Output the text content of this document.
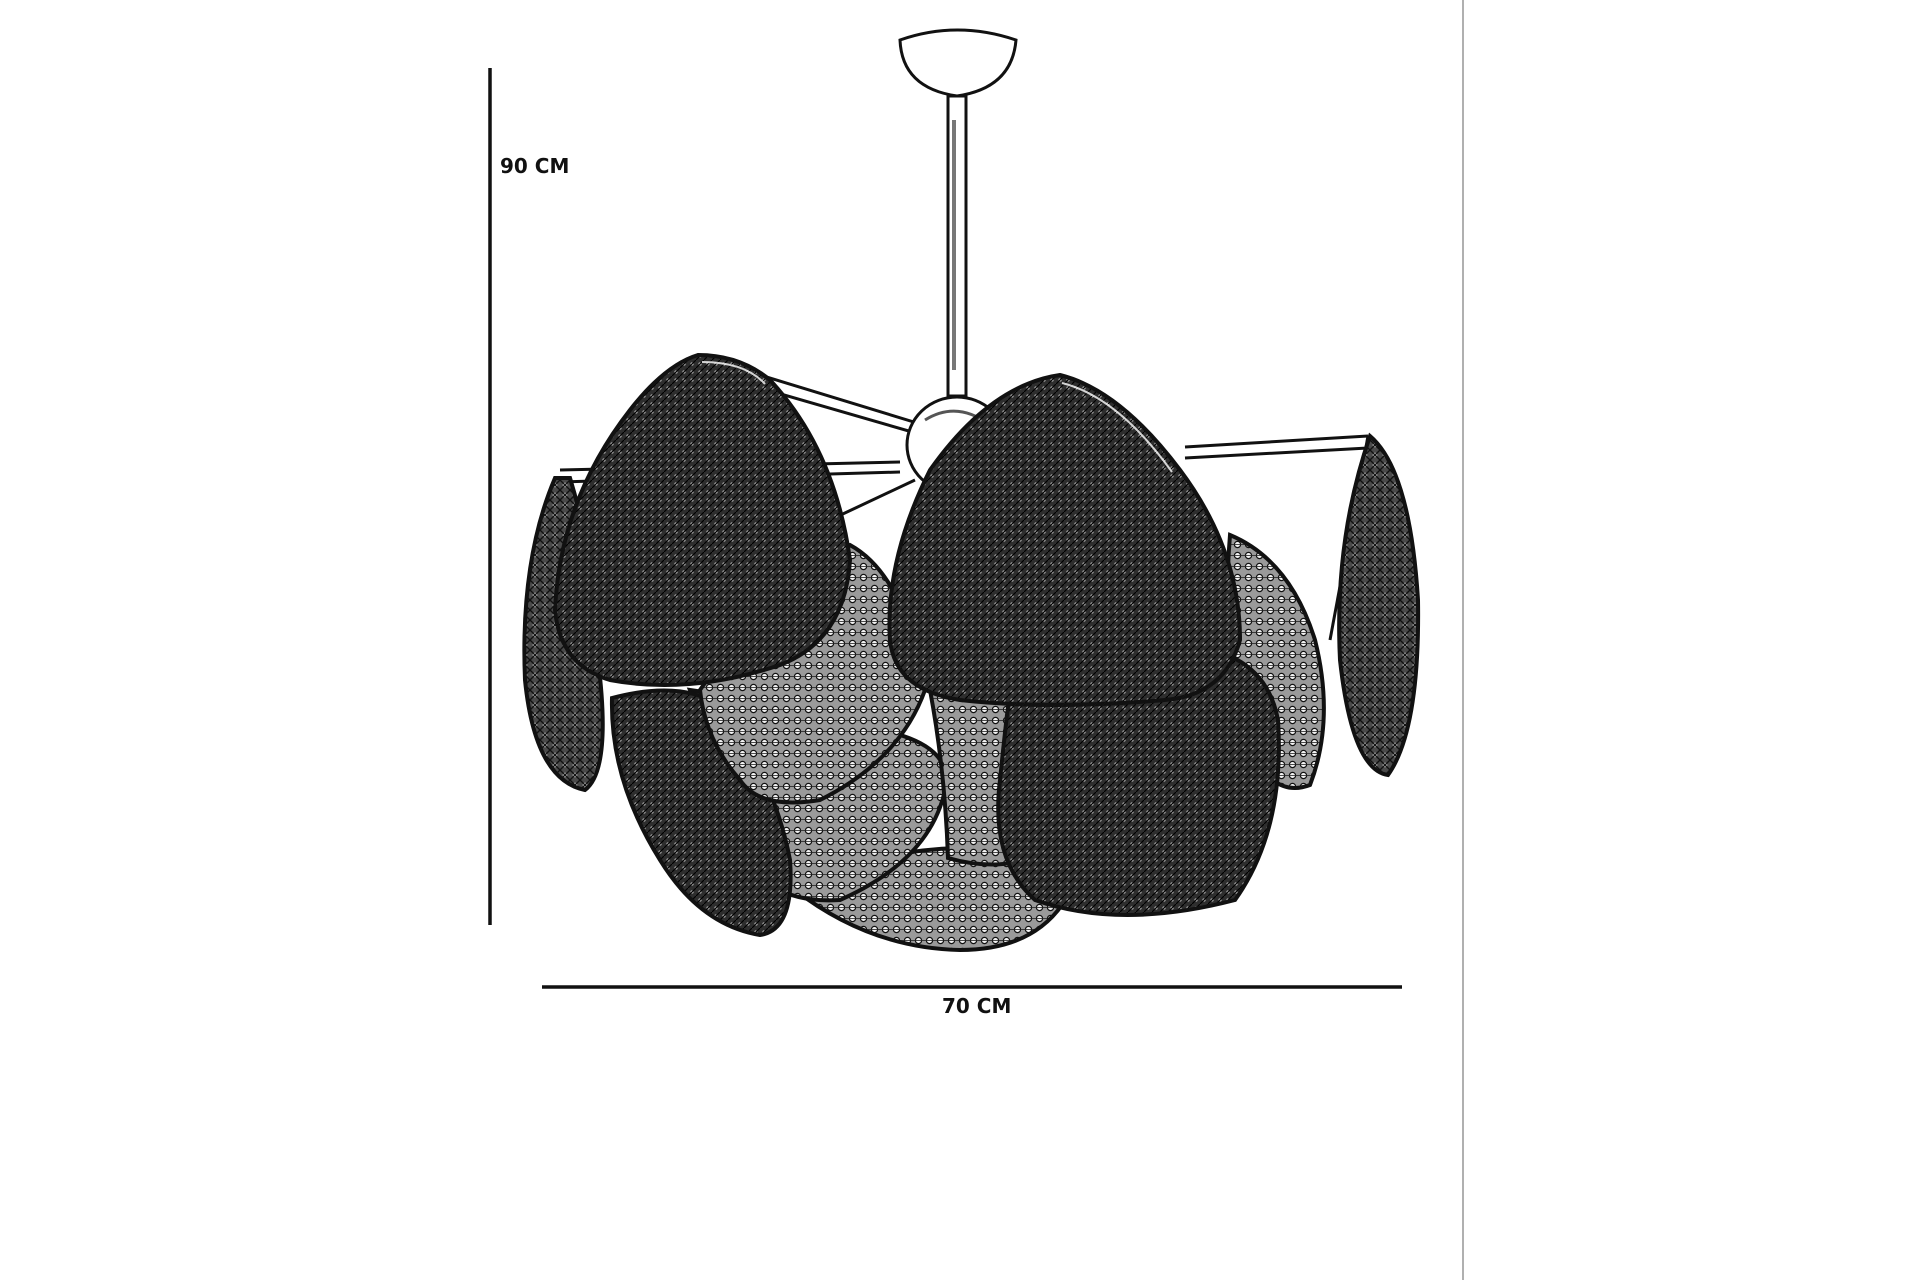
90 CM
70 CM
